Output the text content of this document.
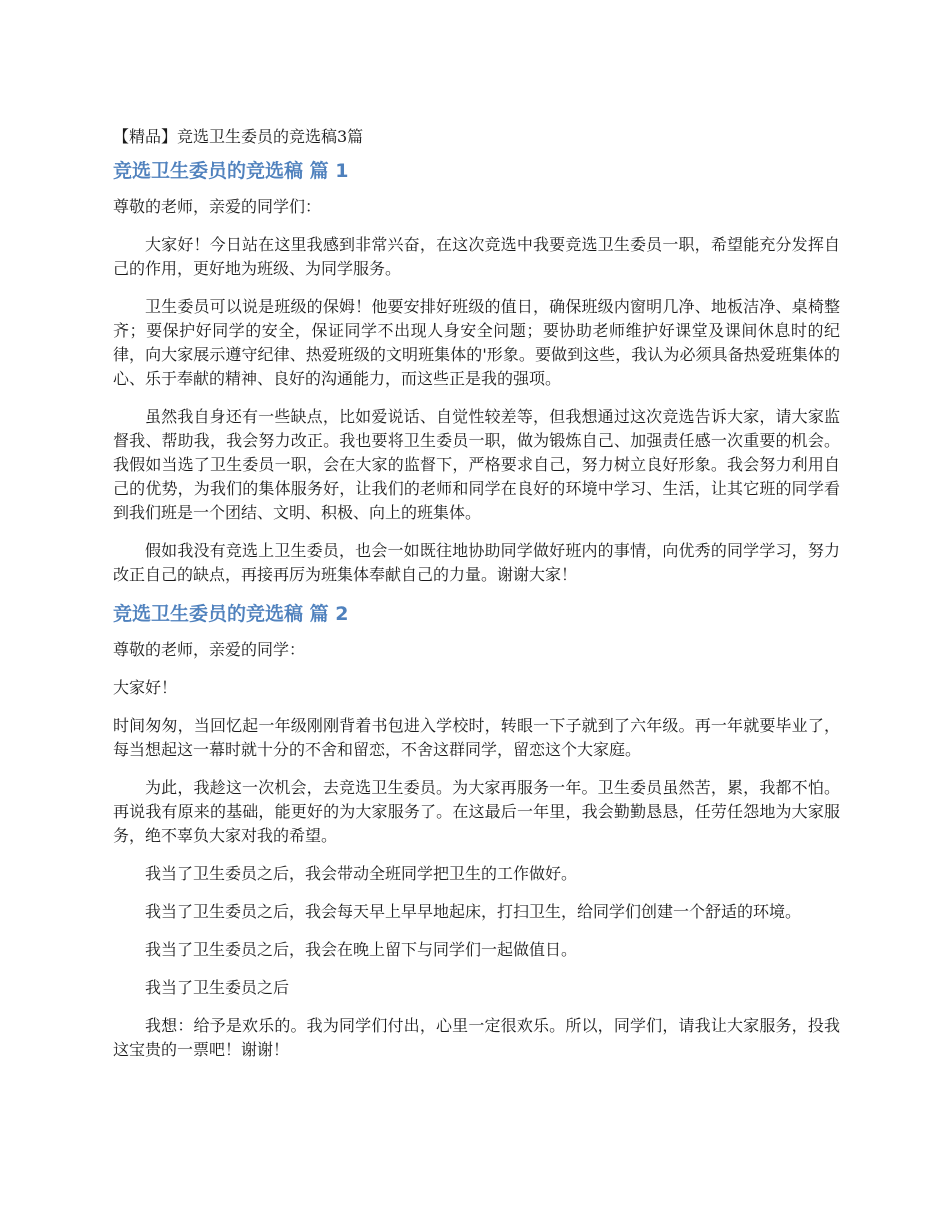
【精品】竞选卫生委员的竞选稿3篇
竞选卫生委员的竞选稿 篇 1

尊敬的老师，亲爱的同学们：

大家好！今日站在这里我感到非常兴奋，在这次竞选中我要竞选卫生委员一职，希望能充分发挥自己的作用，更好地为班级、为同学服务。

卫生委员可以说是班级的保姆！他要安排好班级的值日，确保班级内窗明几净、地板洁净、桌椅整齐；要保护好同学的安全，保证同学不出现人身安全问题；要协助老师维护好课堂及课间休息时的纪律，向大家展示遵守纪律、热爱班级的文明班集体的'形象。要做到这些，我认为必须具备热爱班集体的心、乐于奉献的精神、良好的沟通能力，而这些正是我的强项。

虽然我自身还有一些缺点，比如爱说话、自觉性较差等，但我想通过这次竞选告诉大家，请大家监督我、帮助我，我会努力改正。我也要将卫生委员一职，做为锻炼自己、加强责任感一次重要的机会。我假如当选了卫生委员一职，会在大家的监督下，严格要求自己，努力树立良好形象。我会努力利用自己的优势，为我们的集体服务好，让我们的老师和同学在良好的环境中学习、生活，让其它班的同学看到我们班是一个团结、文明、积极、向上的班集体。

假如我没有竞选上卫生委员，也会一如既往地协助同学做好班内的事情，向优秀的同学学习，努力改正自己的缺点，再接再厉为班集体奉献自己的力量。谢谢大家！

竞选卫生委员的竞选稿 篇 2

尊敬的老师，亲爱的同学：

大家好！

时间匆匆，当回忆起一年级刚刚背着书包进入学校时，转眼一下子就到了六年级。再一年就要毕业了，每当想起这一幕时就十分的不舍和留恋，不舍这群同学，留恋这个大家庭。

为此，我趁这一次机会，去竞选卫生委员。为大家再服务一年。卫生委员虽然苦，累，我都不怕。再说我有原来的基础，能更好的为大家服务了。在这最后一年里，我会勤勤恳恳，任劳任怨地为大家服务，绝不辜负大家对我的希望。

我当了卫生委员之后，我会带动全班同学把卫生的工作做好。

我当了卫生委员之后，我会每天早上早早地起床，打扫卫生，给同学们创建一个舒适的环境。

我当了卫生委员之后，我会在晚上留下与同学们一起做值日。

我当了卫生委员之后

我想：给予是欢乐的。我为同学们付出，心里一定很欢乐。所以，同学们，请我让大家服务，投我这宝贵的一票吧！谢谢！
